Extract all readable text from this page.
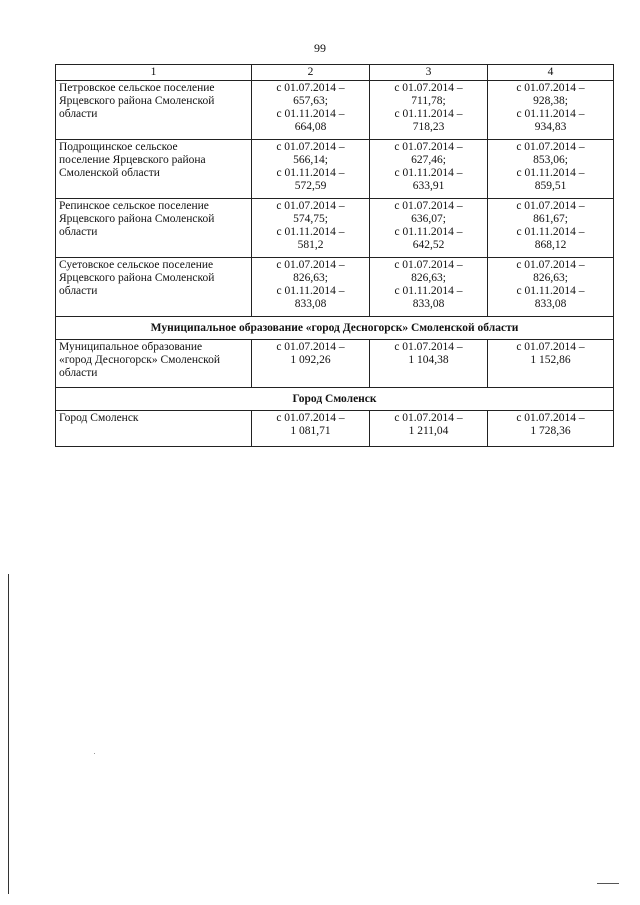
99
1	2	3	4

Петровское сельское поселение
Ярцевского района Смоленской
области	с 01.07.2014 –
657,63;
с 01.11.2014 –
664,08	с 01.07.2014 –
711,78;
с 01.11.2014 –
718,23	с 01.07.2014 –
928,38;
с 01.11.2014 –
934,83

Подрощинское сельское
поселение Ярцевского района
Смоленской области	с 01.07.2014 –
566,14;
с 01.11.2014 –
572,59	с 01.07.2014 –
627,46;
с 01.11.2014 –
633,91	с 01.07.2014 –
853,06;
с 01.11.2014 –
859,51

Репинское сельское поселение
Ярцевского района Смоленской
области	с 01.07.2014 –
574,75;
с 01.11.2014 –
581,2	с 01.07.2014 –
636,07;
с 01.11.2014 –
642,52	с 01.07.2014 –
861,67;
с 01.11.2014 –
868,12

Суетовское сельское поселение
Ярцевского района Смоленской
области	с 01.07.2014 –
826,63;
с 01.11.2014 –
833,08	с 01.07.2014 –
826,63;
с 01.11.2014 –
833,08	с 01.07.2014 –
826,63;
с 01.11.2014 –
833,08

Муниципальное образование «город Десногорск» Смоленской области			

Муниципальное образование
«город Десногорск» Смоленской
области	с 01.07.2014 –
1 092,26	с 01.07.2014 –
1 104,38	с 01.07.2014 –
1 152,86

Город Смоленск			

Город Смоленск	с 01.07.2014 –
1 081,71	с 01.07.2014 –
1 211,04	с 01.07.2014 –
1 728,36
